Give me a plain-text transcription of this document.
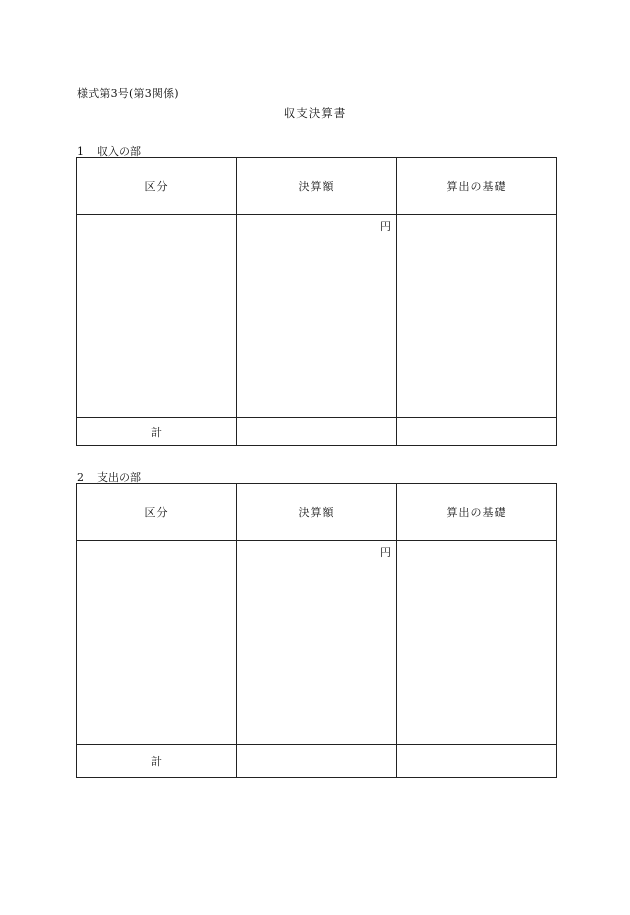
様式第3号(第3関係)
収支決算書
1 収入の部
区分	決算額	算出の基礎
	円	
計		
2 支出の部
区分	決算額	算出の基礎
	円	
計		
